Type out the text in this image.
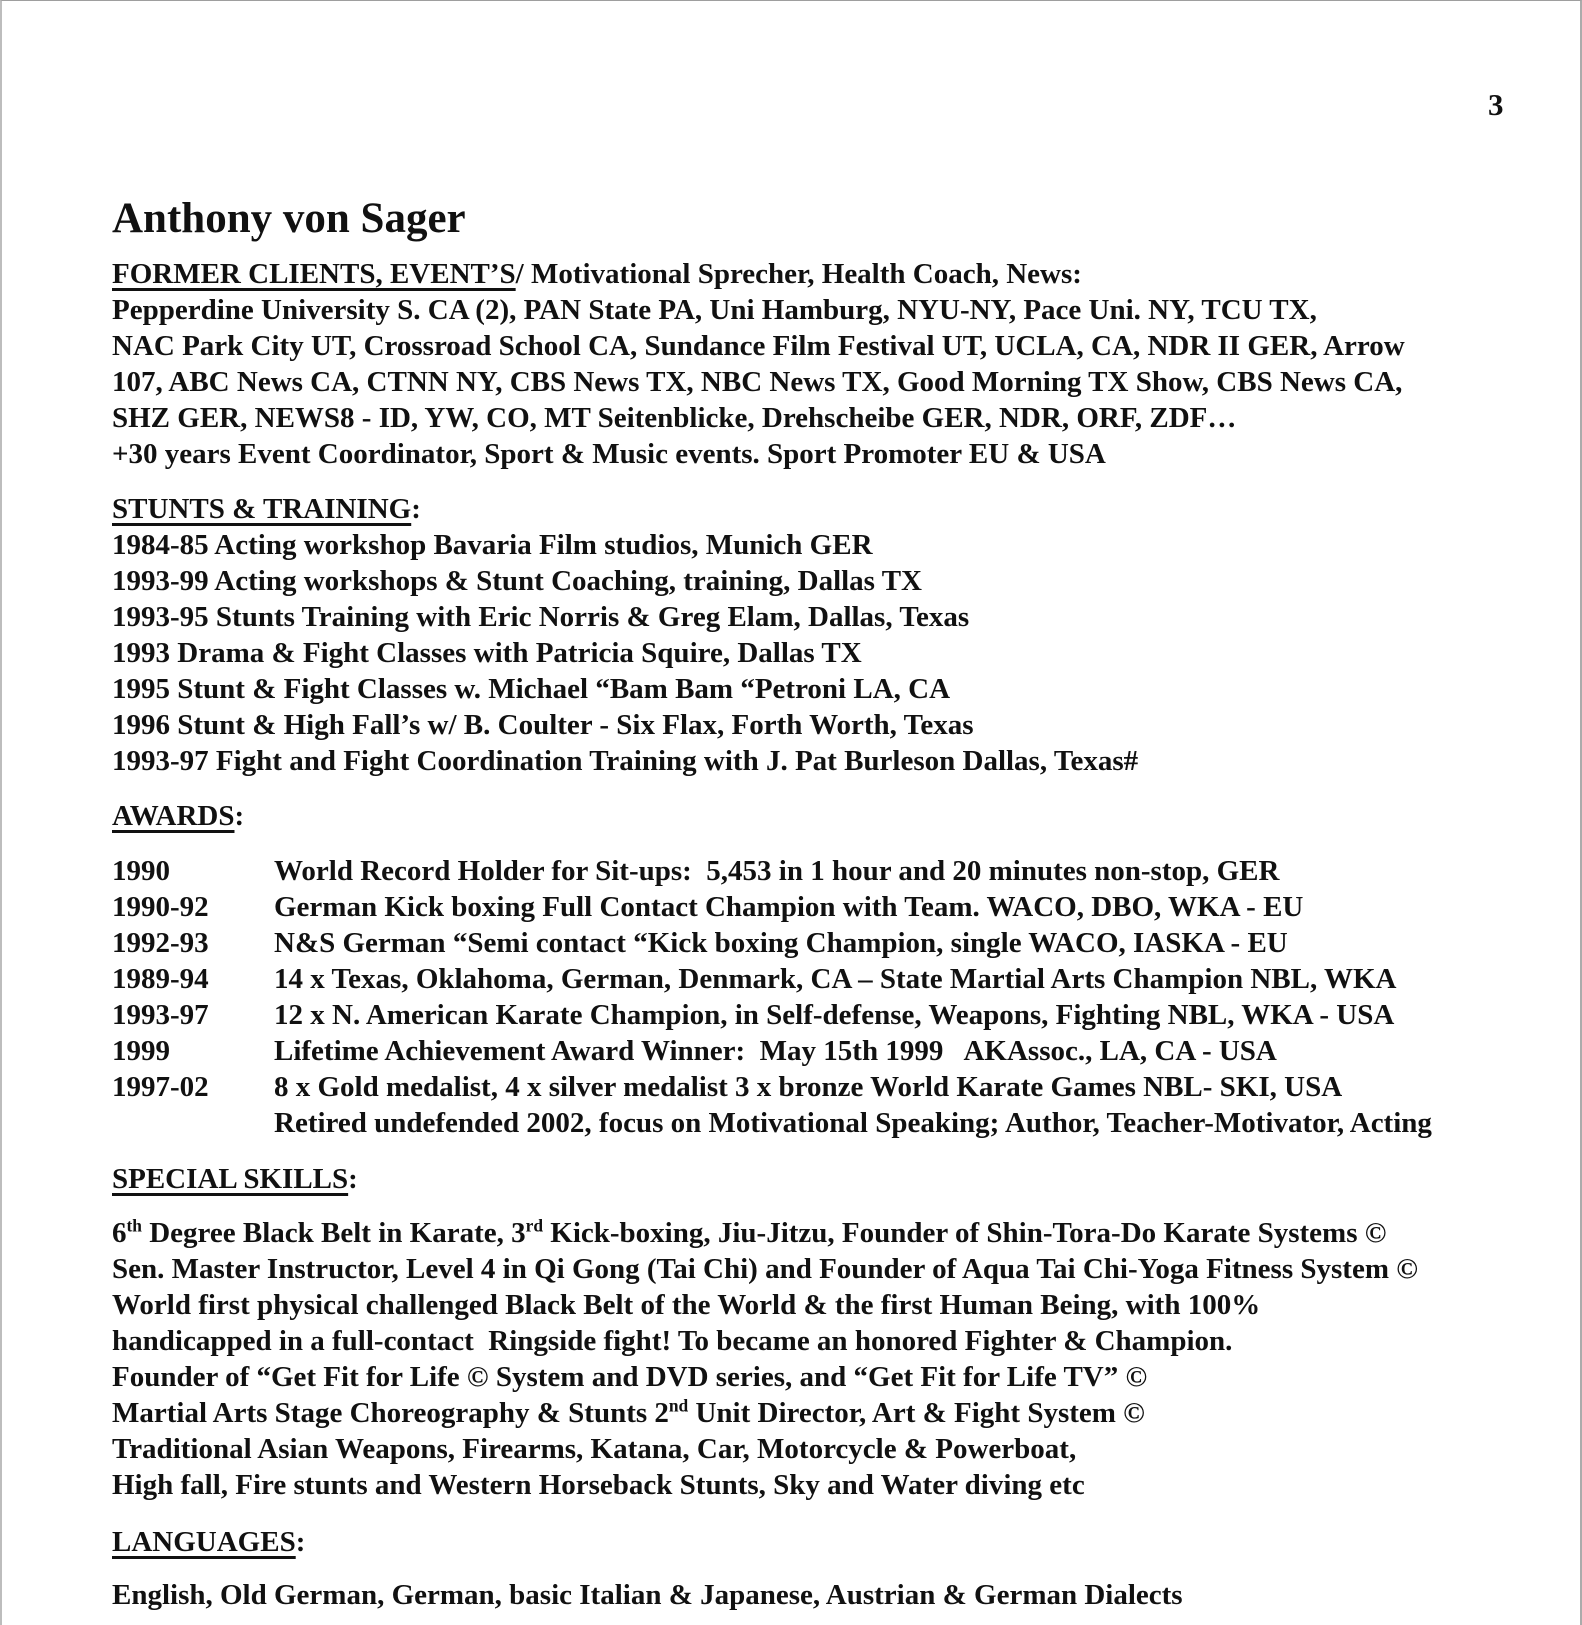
3
Anthony von Sager
FORMER CLIENTS, EVENT’S/ Motivational Sprecher, Health Coach, News:
Pepperdine University S. CA (2), PAN State PA, Uni Hamburg, NYU-NY, Pace Uni. NY, TCU TX,
NAC Park City UT, Crossroad School CA, Sundance Film Festival UT, UCLA, CA, NDR II GER, Arrow
107, ABC News CA, CTNN NY, CBS News TX, NBC News TX, Good Morning TX Show, CBS News CA,
SHZ GER, NEWS8 - ID, YW, CO, MT Seitenblicke, Drehscheibe GER, NDR, ORF, ZDF…
+30 years Event Coordinator, Sport & Music events. Sport Promoter EU & USA
STUNTS & TRAINING:
1984-85 Acting workshop Bavaria Film studios, Munich GER
1993-99 Acting workshops & Stunt Coaching, training, Dallas TX
1993-95 Stunts Training with Eric Norris & Greg Elam, Dallas, Texas
1993 Drama & Fight Classes with Patricia Squire, Dallas TX
1995 Stunt & Fight Classes w. Michael “Bam Bam “Petroni LA, CA
1996 Stunt & High Fall’s w/ B. Coulter - Six Flax, Forth Worth, Texas
1993-97 Fight and Fight Coordination Training with J. Pat Burleson Dallas, Texas#
AWARDS:
1990	World Record Holder for Sit-ups:  5,453 in 1 hour and 20 minutes non-stop, GER
1990-92	German Kick boxing Full Contact Champion with Team. WACO, DBO, WKA - EU
1992-93	N&S German “Semi contact “Kick boxing Champion, single WACO, IASKA - EU
1989-94	14 x Texas, Oklahoma, German, Denmark, CA – State Martial Arts Champion NBL, WKA
1993-97	12 x N. American Karate Champion, in Self-defense, Weapons, Fighting NBL, WKA - USA
1999	Lifetime Achievement Award Winner:  May 15th 1999   AKAssoc., LA, CA - USA
1997-02	8 x Gold medalist, 4 x silver medalist 3 x bronze World Karate Games NBL- SKI, USA
Retired undefended 2002, focus on Motivational Speaking; Author, Teacher-Motivator, Acting
SPECIAL SKILLS:
6th Degree Black Belt in Karate, 3rd Kick-boxing, Jiu-Jitzu, Founder of Shin-Tora-Do Karate Systems ©
Sen. Master Instructor, Level 4 in Qi Gong (Tai Chi) and Founder of Aqua Tai Chi-Yoga Fitness System ©
World first physical challenged Black Belt of the World & the first Human Being, with 100%
handicapped in a full-contact  Ringside fight! To became an honored Fighter & Champion.
Founder of “Get Fit for Life © System and DVD series, and “Get Fit for Life TV” ©
Martial Arts Stage Choreography & Stunts 2nd Unit Director, Art & Fight System ©
Traditional Asian Weapons, Firearms, Katana, Car, Motorcycle & Powerboat,
High fall, Fire stunts and Western Horseback Stunts, Sky and Water diving etc
LANGUAGES:
English, Old German, German, basic Italian & Japanese, Austrian & German Dialects
